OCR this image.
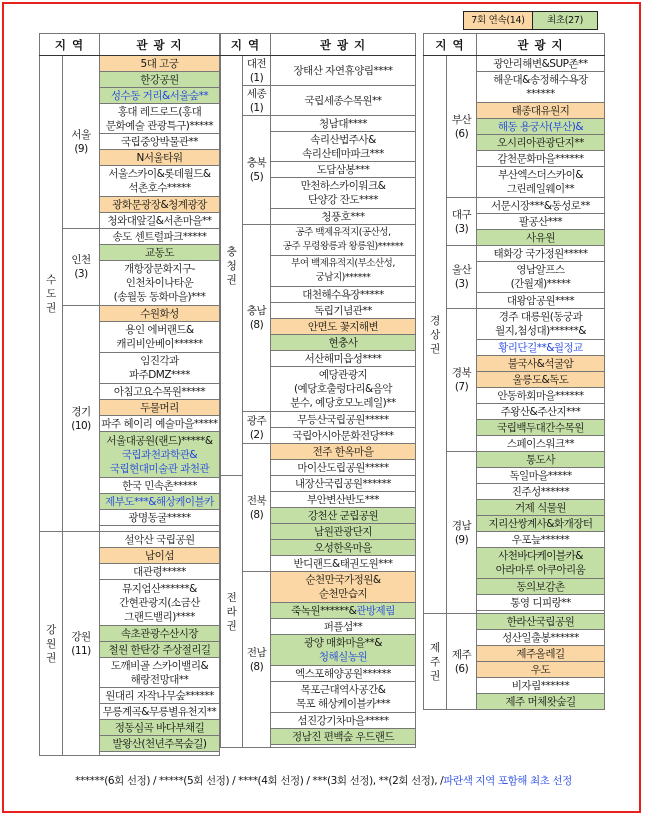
7회 연속(14)	최초(27)
지 역		관 광 지
수
도
권	서울
(9)	5대 고궁
		한강공원
		성수동 거리&서울숲**
		홍대 레드로드(홍대
문화예술 관광특구)*****
		국립중앙박물관**
		N서울타워
		서울스카이&롯데월드&
석촌호수*****
		광화문광장&청계광장
		청와대앞길&서촌마을**
	인천
(3)	송도 센트럴파크*****
		교동도
		개항장문화지구-
인천차이나타운
(송월동 동화마을)***
	경기
(10)	수원화성
		용인 에버랜드&
캐리비안베이******
		임진각과
파주DMZ****
		아침고요수목원*****
		두물머리
		파주 헤이리 예술마을*****

		서울대공원(랜드)*****&
국립과천과학관&
국립현대미술관 과천관

		한국 민속촌*****
		제부도***&해상케이블카
		광명동굴*****

강
원
권	강원
(11)	설악산 국립공원
		남이섬
		대관령*****
		뮤지엄산******&
간현관광지(소금산
그랜드밸리)****
		속초관광수산시장
		철원 한탄강 주상절리길
		도깨비골 스카이밸리&
해랑전망대**
		원대리 자작나무숲******
		무릉계곡&무릉별유천지**
		정동심곡 바다부채길
		발왕산(천년주목숲길)

지 역		관 광 지
충
청
권	대전
(1)	장태산 자연휴양림****
	세종
(1)	국립세종수목원**
	충북
(5)	청남대****
		속리산법주사&
속리산테마파크***
		도담삼봉***
		만천하스카이워크&
단양강 잔도****
		청풍호***
	충남
(8)	공주 백제유적지(공산성,
공주 무령왕릉과 왕릉원)******
		부여 백제유적지(부소산성,
궁남지)******
		대천해수욕장*****
		독립기념관**
		안면도 꽃지해변
		현충사
		서산해미읍성****
		예당관광지
(예당호출렁다리&음악
분수, 예당호모노레일)**
	광주
(2)	무등산국립공원*****
		국립아시아문화전당***
	전북
(8)	전주 한옥마을
		마이산도립공원*****
전
라
권		내장산국립공원******
		부안변산반도***
		강천산 군립공원
		남원관광단지
		오성한옥마을
		반디랜드&태권도원***
	전남
(8)	순천만국가정원&
순천만습지
		죽녹원******&관방제림
		퍼플섬**

		광양 매화마을**&
청해실농원

		엑스포해양공원******
		목포근대역사공간&
목포 해상케이블카***
		섬진강기차마을*****
		정남진 편백숲 우드랜드

지 역		관 광 지
경
상
권	부산
(6)	광안리해변&SUP존**
		해운대&송정해수욕장
******
		태종대유원지
		해동 용궁사(부산)&
		오시리아관광단지**
		감천문화마을******
		부산엑스더스카이&
그린레일웨이**
	대구
(3)	서문시장***&동성로**
		팔공산***
		사유원
	울산
(3)	태화강 국가정원*****
		영남알프스
(간월재)*****
		대왕암공원****
	경북
(7)	경주 대릉원(동궁과
월지,첨성대)******&
		황리단길**&월정교
		불국사&석굴암
		울릉도&독도
		안동하회마을******
		주왕산&주산지***
		국립백두대간수목원
		스페이스워크**
	경남
(9)	통도사
		독일마을*****
		진주성******
		거제 식물원
		지리산쌍계사&화개장터
		우포늪******
		사천바다케이블카&
아라마루 아쿠아리움
		동의보감촌
		통영 디피랑**

제
주
권	제주
(6)	한라산국립공원
		성산일출봉******
		제주올레길
		우도
		비자림******
		제주 머체왓숲길
******(6회 선정) / *****(5회 선정) / ****(4회 선정) / ***(3회 선정), **(2회 선정), /파란색 지역 포함해 최초 선정
